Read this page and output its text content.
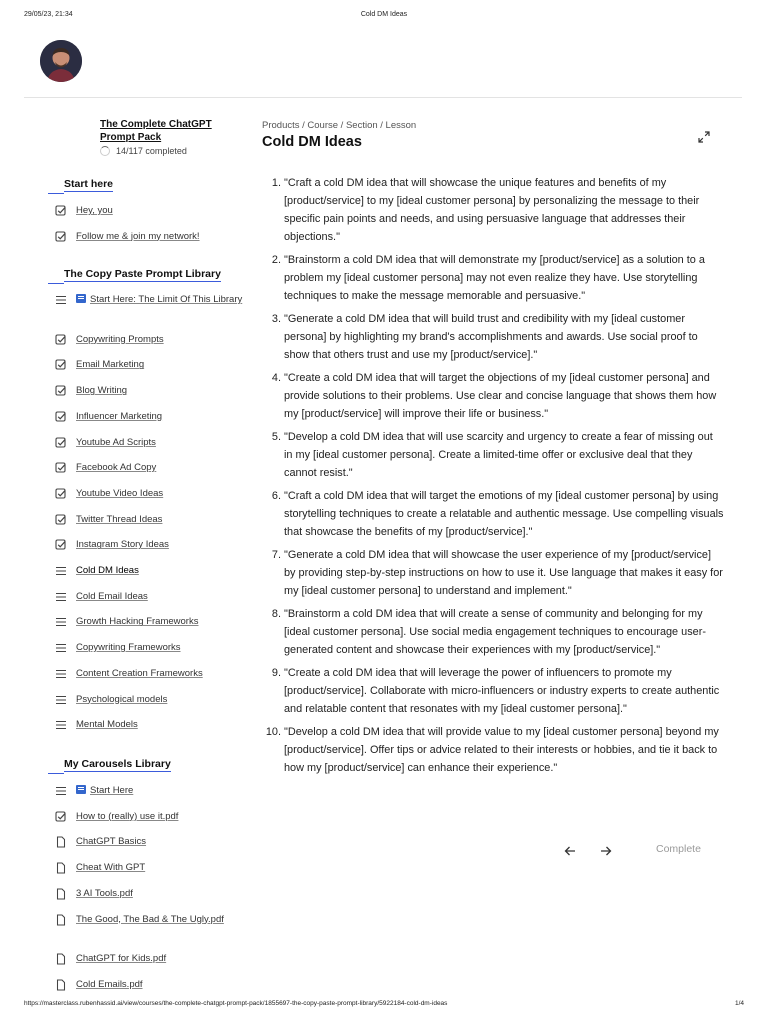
29/05/23, 21:34	Cold DM Ideas
The Complete ChatGPT Prompt Pack
14/117 completed
Start here
Hey, you
Follow me & join my network!
The Copy Paste Prompt Library
Start Here: The Limit Of This Library
Copywriting Prompts
Email Marketing
Blog Writing
Influencer Marketing
Youtube Ad Scripts
Facebook Ad Copy
Youtube Video Ideas
Twitter Thread Ideas
Instagram Story Ideas
Cold DM Ideas
Cold Email Ideas
Growth Hacking Frameworks
Copywriting Frameworks
Content Creation Frameworks
Psychological models
Mental Models
My Carousels Library
Start Here
How to (really) use it.pdf
ChatGPT Basics
Cheat With GPT
3 AI Tools.pdf
The Good, The Bad & The Ugly.pdf
ChatGPT for Kids.pdf
Cold Emails.pdf
Products / Course / Section / Lesson
Cold DM Ideas
1. "Craft a cold DM idea that will showcase the unique features and benefits of my [product/service] to my [ideal customer persona] by personalizing the message to their specific pain points and needs, and using persuasive language that addresses their objections."
2. "Brainstorm a cold DM idea that will demonstrate my [product/service] as a solution to a problem my [ideal customer persona] may not even realize they have. Use storytelling techniques to make the message memorable and persuasive."
3. "Generate a cold DM idea that will build trust and credibility with my [ideal customer persona] by highlighting my brand's accomplishments and awards. Use social proof to show that others trust and use my [product/service]."
4. "Create a cold DM idea that will target the objections of my [ideal customer persona] and provide solutions to their problems. Use clear and concise language that shows them how my [product/service] will improve their life or business."
5. "Develop a cold DM idea that will use scarcity and urgency to create a fear of missing out in my [ideal customer persona]. Create a limited-time offer or exclusive deal that they cannot resist."
6. "Craft a cold DM idea that will target the emotions of my [ideal customer persona] by using storytelling techniques to create a relatable and authentic message. Use compelling visuals that showcase the benefits of my [product/service]."
7. "Generate a cold DM idea that will showcase the user experience of my [product/service] by providing step-by-step instructions on how to use it. Use language that makes it easy for my [ideal customer persona] to understand and implement."
8. "Brainstorm a cold DM idea that will create a sense of community and belonging for my [ideal customer persona]. Use social media engagement techniques to encourage user-generated content and showcase their experiences with my [product/service]."
9. "Create a cold DM idea that will leverage the power of influencers to promote my [product/service]. Collaborate with micro-influencers or industry experts to create authentic and relatable content that resonates with my [ideal customer persona]."
10. "Develop a cold DM idea that will provide value to my [ideal customer persona] beyond my [product/service]. Offer tips or advice related to their interests or hobbies, and tie it back to how my [product/service] can enhance their experience."
Complete
https://masterclass.rubenhassid.ai/view/courses/the-complete-chatgpt-prompt-pack/1855697-the-copy-paste-prompt-library/5922184-cold-dm-ideas	1/4
